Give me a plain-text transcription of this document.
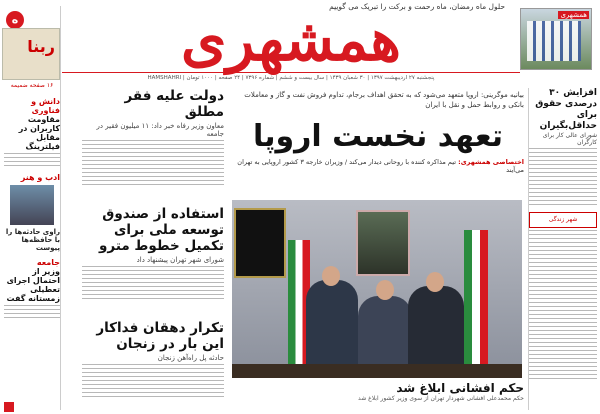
حلول ماه رمضان، ماه رحمت و برکت را تبریک می گوییم
ه	همشهری	همشهری
پنجشنبه ۲۷ اردیبهشت ۱۳۹۷ | ۳۰ شعبان ۱۴۳۹ | سال بیست و ششم | شماره ۷۳۹۶ | ۲۴ صفحه | ۱۰۰۰ تومان | HAMSHAHRI
ربنا
۱۶ صفحه ضمیمه
دانش و فناوری
مقاومت کاربران در مقابل فیلترینگ
ادب و هنر
راوی حادثه‌ها را با حافظه‌ها پیوست
جامعه
وزیر از احتمال اجرای تعطیلی زمستانه گفت
دولت علیه فقر مطلق
معاون وزیر رفاه خبر داد: ۱۱ میلیون فقیر در جامعه
استفاده از صندوق توسعه ملی برای تکمیل خطوط مترو
شورای شهر تهران پیشنهاد داد
تکرار دهقان فداکار این بار در زنجان
حادثه پل راه‌آهن زنجان
بیانیه موگرینی: اروپا متعهد می‌شود که به تحقق اهداف برجام، تداوم فروش نفت و گاز و معاملات بانکی و روابط حمل و نقل با ایران
تعهد نخست اروپا
اختصاصی همشهری: تیم مذاکره کننده با روحانی دیدار می‌کند / وزیران خارجه ۳ کشور اروپایی به تهران می‌آیند
حکم افشانی ابلاغ شد
حکم محمدعلی افشانی شهردار تهران از سوی وزیر کشور ابلاغ شد
افزایش ۳۰ درصدی حقوق برای حداقل‌بگیران
شورای عالی کار برای کارگران
شهر زندگی
